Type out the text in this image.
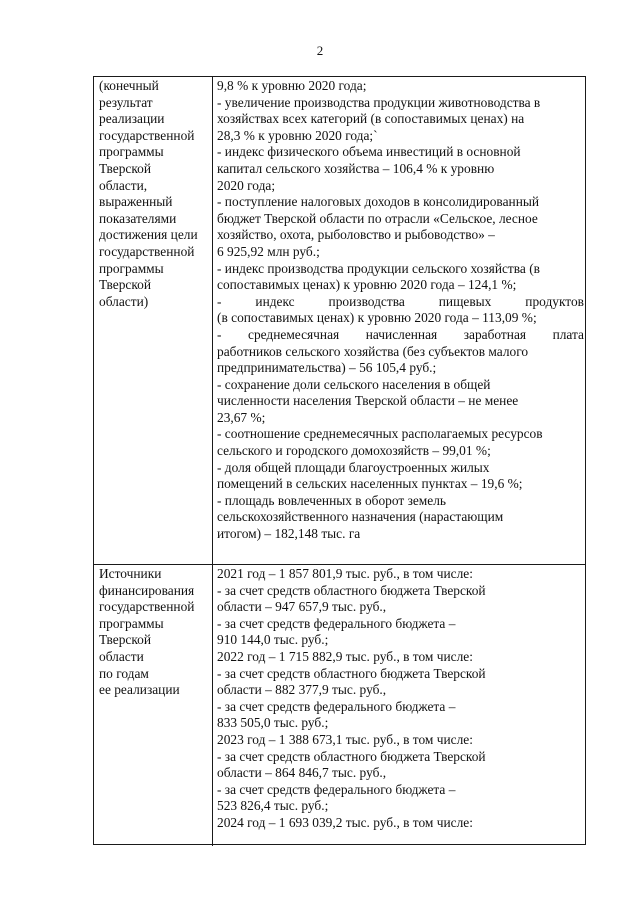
2
(конечный
результат
реализации
государственной
программы
Тверской
области,
выраженный
показателями
достижения цели
государственной
программы
Тверской
области)
9,8 % к уровню 2020 года;
- увеличение производства продукции животноводства в
хозяйствах всех категорий (в сопоставимых ценах) на
28,3 % к уровню 2020 года;`
- индекс физического объема инвестиций в основной
капитал сельского хозяйства – 106,4 % к уровню
2020 года;
- поступление налоговых доходов в консолидированный
бюджет Тверской области по отрасли «Сельское, лесное
хозяйство, охота, рыболовство и рыбоводство» –
6 925,92 млн руб.;
- индекс производства продукции сельского хозяйства (в
сопоставимых ценах) к уровню 2020 года – 124,1 %;
- индекс производства пищевых продуктов
(в сопоставимых ценах) к уровню 2020 года – 113,09 %;
- среднемесячная начисленная заработная плата
работников сельского хозяйства (без субъектов малого
предпринимательства) – 56 105,4 руб.;
- сохранение доли сельского населения в общей
численности населения Тверской области – не менее
23,67 %;
- соотношение среднемесячных располагаемых ресурсов
сельского и городского домохозяйств – 99,01 %;
- доля общей площади благоустроенных жилых
помещений в сельских населенных пунктах – 19,6 %;
- площадь вовлеченных в оборот земель
сельскохозяйственного назначения (нарастающим
итогом) – 182,148 тыс. га
Источники
финансирования
государственной
программы
Тверской
области
по годам
ее реализации
2021 год – 1 857 801,9 тыс. руб., в том числе:
- за счет средств областного бюджета Тверской
области – 947 657,9 тыс. руб.,
- за счет средств федерального бюджета –
910 144,0 тыс. руб.;
2022 год – 1 715 882,9 тыс. руб., в том числе:
- за счет средств областного бюджета Тверской
области – 882 377,9 тыс. руб.,
- за счет средств федерального бюджета –
833 505,0 тыс. руб.;
2023 год – 1 388 673,1 тыс. руб., в том числе:
- за счет средств областного бюджета Тверской
области – 864 846,7 тыс. руб.,
- за счет средств федерального бюджета –
523 826,4 тыс. руб.;
2024 год – 1 693 039,2 тыс. руб., в том числе:
